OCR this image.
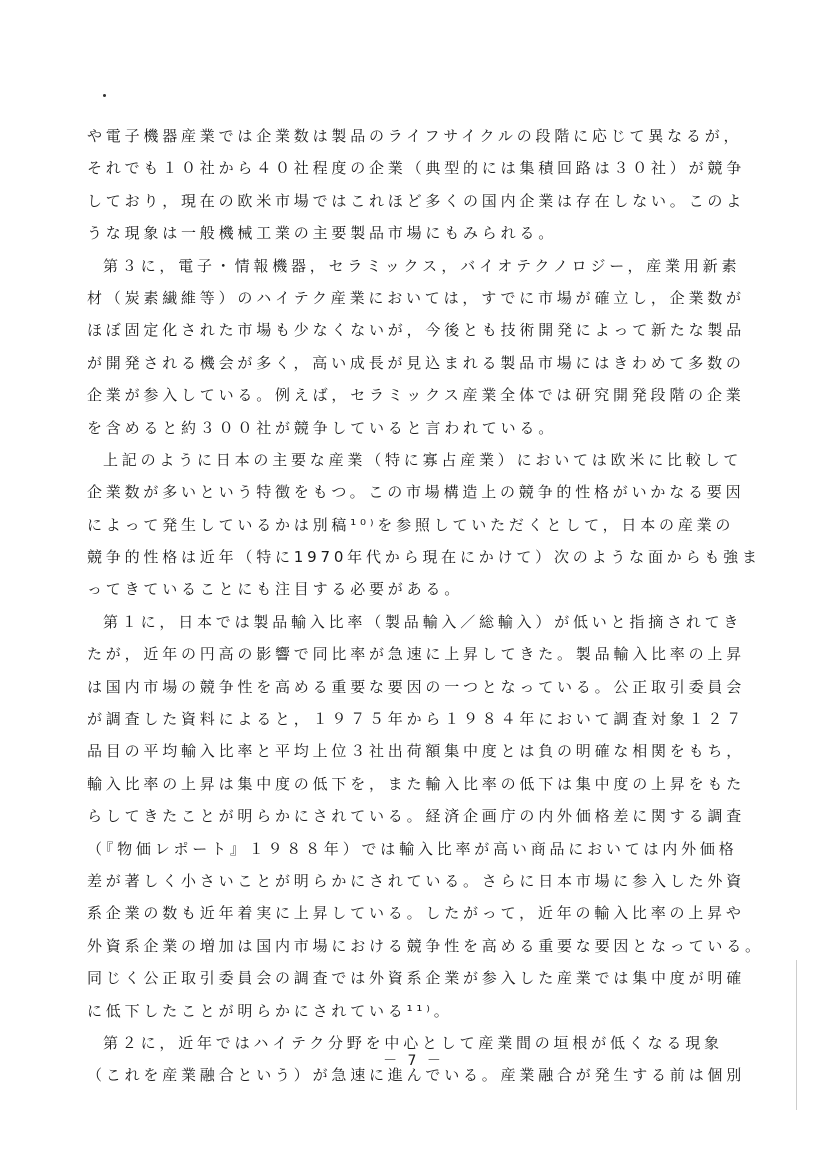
や電子機器産業では企業数は製品のライフサイクルの段階に応じて異なるが，
それでも１０社から４０社程度の企業（典型的には集積回路は３０社）が競争
しており，現在の欧米市場ではこれほど多くの国内企業は存在しない。このよ
うな現象は一般機械工業の主要製品市場にもみられる。
第３に，電子・情報機器，セラミックス，バイオテクノロジー，産業用新素
材（炭素繊維等）のハイテク産業においては，すでに市場が確立し，企業数が
ほぼ固定化された市場も少なくないが，今後とも技術開発によって新たな製品
が開発される機会が多く，高い成長が見込まれる製品市場にはきわめて多数の
企業が参入している。例えば，セラミックス産業全体では研究開発段階の企業
を含めると約３００社が競争していると言われている。
上記のように日本の主要な産業（特に寡占産業）においては欧米に比較して
企業数が多いという特徴をもつ。この市場構造上の競争的性格がいかなる要因
によって発生しているかは別稿¹⁰⁾を参照していただくとして，日本の産業の
競争的性格は近年（特に1970年代から現在にかけて）次のような面からも強ま
ってきていることにも注目する必要がある。
第１に，日本では製品輸入比率（製品輸入／総輸入）が低いと指摘されてき
たが，近年の円高の影響で同比率が急速に上昇してきた。製品輸入比率の上昇
は国内市場の競争性を高める重要な要因の一つとなっている。公正取引委員会
が調査した資料によると，１９７５年から１９８４年において調査対象１２７
品目の平均輸入比率と平均上位３社出荷額集中度とは負の明確な相関をもち，
輸入比率の上昇は集中度の低下を，また輸入比率の低下は集中度の上昇をもた
らしてきたことが明らかにされている。経済企画庁の内外価格差に関する調査
（『物価レポート』１９８８年）では輸入比率が高い商品においては内外価格
差が著しく小さいことが明らかにされている。さらに日本市場に参入した外資
系企業の数も近年着実に上昇している。したがって，近年の輸入比率の上昇や
外資系企業の増加は国内市場における競争性を高める重要な要因となっている。
同じく公正取引委員会の調査では外資系企業が参入した産業では集中度が明確
に低下したことが明らかにされている¹¹⁾。
第２に，近年ではハイテク分野を中心として産業間の垣根が低くなる現象
（これを産業融合という）が急速に進んでいる。産業融合が発生する前は個別
－ 7 －
